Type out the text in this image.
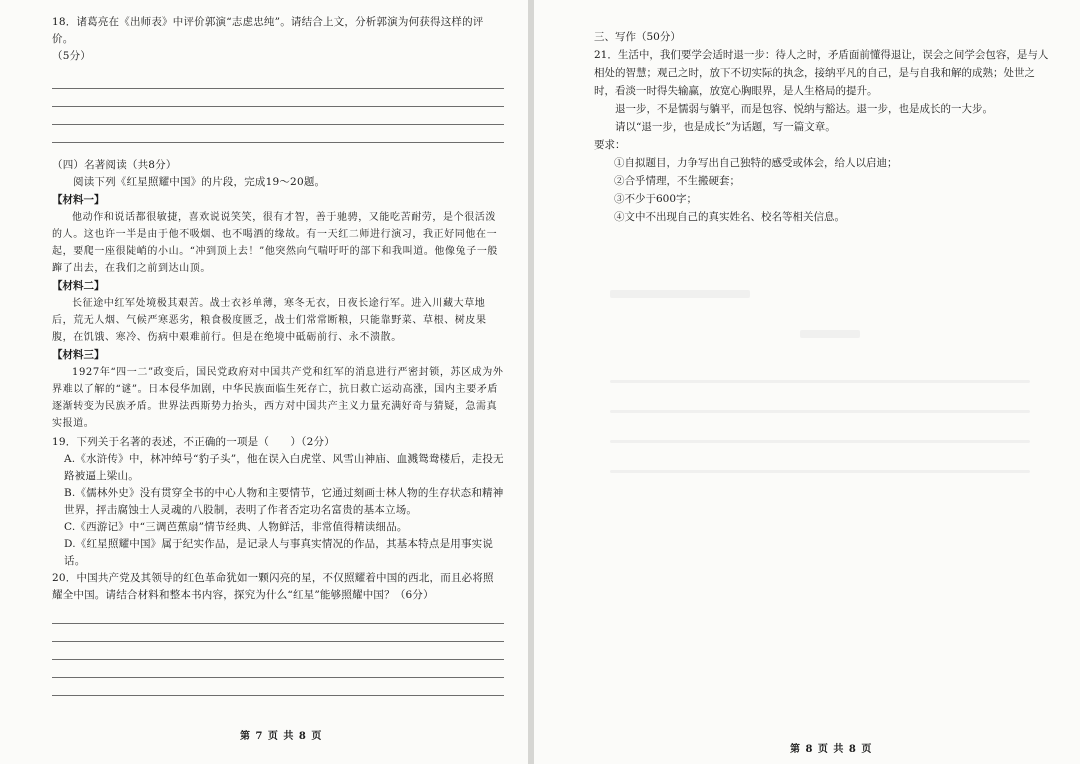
18．诸葛亮在《出师表》中评价郭演“志虑忠纯”。请结合上文，分析郭演为何获得这样的评价。
（5分）

（四）名著阅读（共8分）

阅读下列《红星照耀中国》的片段，完成19～20题。

【材料一】

他动作和说话都很敏捷，喜欢说说笑笑，很有才智，善于驰骋，又能吃苦耐劳，是个很活泼的人。这也许一半是由于他不吸烟、也不喝酒的缘故。有一天红二师进行演习，我正好同他在一起，要爬一座很陡峭的小山。“冲到顶上去！”他突然向气喘吁吁的部下和我叫道。他像兔子一般蹿了出去，在我们之前到达山顶。

【材料二】

长征途中红军处境极其艰苦。战士衣衫单薄，寒冬无衣，日夜长途行军。进入川藏大草地后，荒无人烟、气候严寒恶劣，粮食极度匮乏，战士们常常断粮，只能靠野菜、草根、树皮果腹，在饥饿、寒冷、伤病中艰难前行。但是在绝境中砥砺前行、永不溃散。

【材料三】

1927年“四一二”政变后，国民党政府对中国共产党和红军的消息进行严密封锁，苏区成为外界难以了解的“谜”。日本侵华加剧，中华民族面临生死存亡，抗日救亡运动高涨，国内主要矛盾逐渐转变为民族矛盾。世界法西斯势力抬头，西方对中国共产主义力量充满好奇与猜疑，急需真实报道。

19．下列关于名著的表述，不正确的一项是（　　）（2分）

A.《水浒传》中，林冲绰号“豹子头”，他在误入白虎堂、风雪山神庙、血溅鸳鸯楼后，走投无路被逼上梁山。

B.《儒林外史》没有贯穿全书的中心人物和主要情节，它通过刻画士林人物的生存状态和精神世界，抨击腐蚀士人灵魂的八股制，表明了作者否定功名富贵的基本立场。

C.《西游记》中“三调芭蕉扇”情节经典、人物鲜活，非常值得精读细品。

D.《红星照耀中国》属于纪实作品，是记录人与事真实情况的作品，其基本特点是用事实说话。

20．中国共产党及其领导的红色革命犹如一颗闪亮的星，不仅照耀着中国的西北，而且必将照耀全中国。请结合材料和整本书内容，探究为什么“红星”能够照耀中国？（6分）

三、写作（50分）

21．生活中，我们要学会适时退一步：待人之时，矛盾面前懂得退让，误会之间学会包容，是与人相处的智慧；观己之时，放下不切实际的执念，接纳平凡的自己，是与自我和解的成熟；处世之时，看淡一时得失输赢，放宽心胸眼界，是人生格局的提升。

退一步，不是懦弱与躺平，而是包容、悦纳与豁达。退一步，也是成长的一大步。

请以“退一步，也是成长”为话题，写一篇文章。

要求：

①自拟题目，力争写出自己独特的感受或体会，给人以启迪；

②合乎情理，不生搬硬套；

③不少于600字；

④文中不出现自己的真实姓名、校名等相关信息。

第 7 页 共 8 页
第 8 页 共 8 页
